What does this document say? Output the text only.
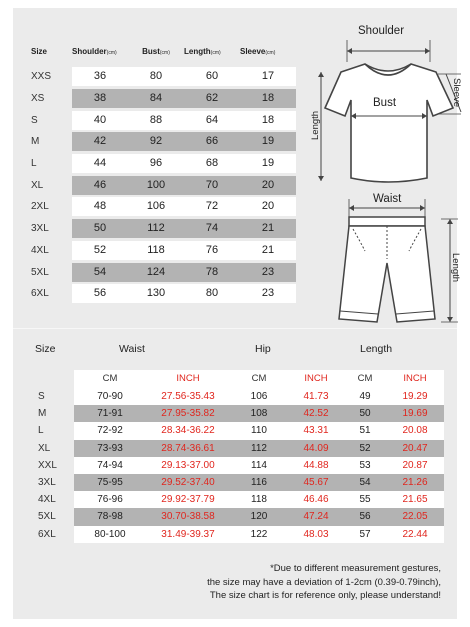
Size	Shoulder(cm)	Bust(cm)	Length(cm)	Sleeve(cm)
XXS	36	80	60	17
XS	38	84	62	18
S	40	88	64	18
M	42	92	66	19
L	44	96	68	19
XL	46	100	70	20
2XL	48	106	72	20
3XL	50	112	74	21
4XL	52	118	76	21
5XL	54	124	78	23
6XL	56	130	80	23
Shoulder
Bust	Sleeve
Length
Waist
Length
Size	Waist	Hip	Length
CM	INCH	CM	INCH	CM	INCH
S	70-90	27.56-35.43	106	41.73	49	19.29
M	71-91	27.95-35.82	108	42.52	50	19.69
L	72-92	28.34-36.22	110	43.31	51	20.08
XL	73-93	28.74-36.61	112	44.09	52	20.47
XXL	74-94	29.13-37.00	114	44.88	53	20.87
3XL	75-95	29.52-37.40	116	45.67	54	21.26
4XL	76-96	29.92-37.79	118	46.46	55	21.65
5XL	78-98	30.70-38.58	120	47.24	56	22.05
6XL	80-100	31.49-39.37	122	48.03	57	22.44
*Due to different measurement gestures,
the size may have a deviation of 1-2cm (0.39-0.79inch),
The size chart is for reference only, please understand!
